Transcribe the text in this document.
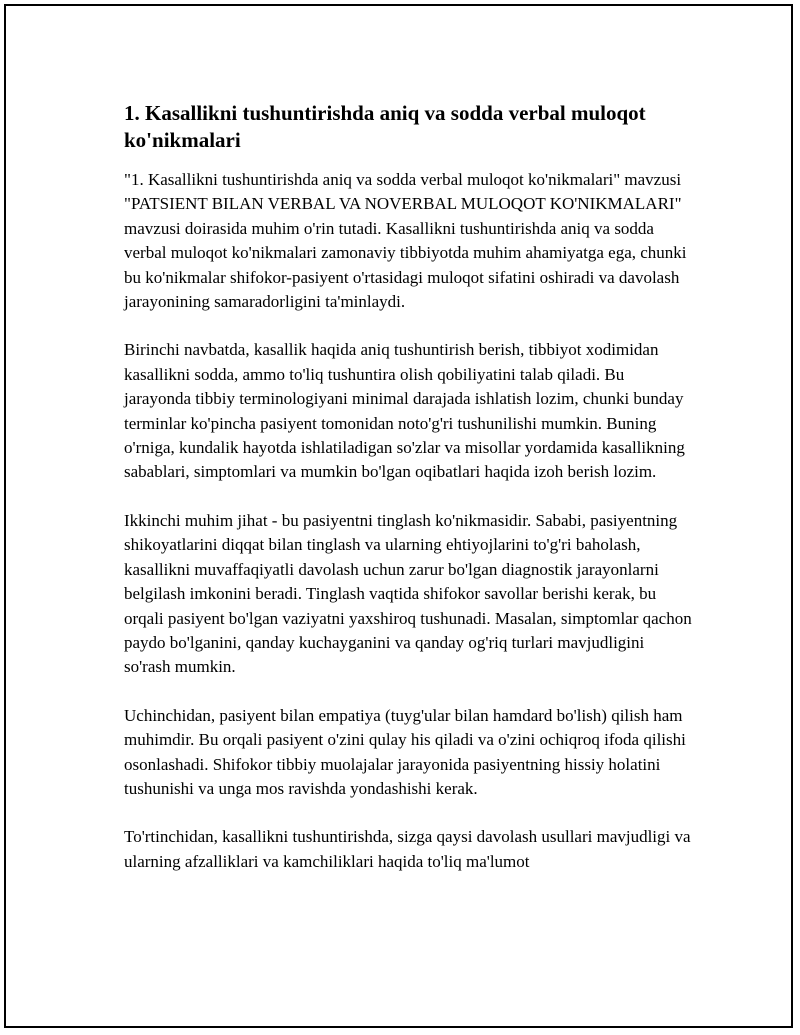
1. Kasallikni tushuntirishda aniq va sodda verbal muloqot ko'nikmalari

"1. Kasallikni tushuntirishda aniq va sodda verbal muloqot ko'nikmalari" mavzusi "PATSIENT BILAN VERBAL VA NOVERBAL MULOQOT KO'NIKMALARI" mavzusi doirasida muhim o'rin tutadi. Kasallikni tushuntirishda aniq va sodda verbal muloqot ko'nikmalari zamonaviy tibbiyotda muhim ahamiyatga ega, chunki bu ko'nikmalar shifokor-pasiyent o'rtasidagi muloqot sifatini oshiradi va davolash jarayonining samaradorligini ta'minlaydi.

Birinchi navbatda, kasallik haqida aniq tushuntirish berish, tibbiyot xodimidan kasallikni sodda, ammo to'liq tushuntira olish qobiliyatini talab qiladi. Bu jarayonda tibbiy terminologiyani minimal darajada ishlatish lozim, chunki bunday terminlar ko'pincha pasiyent tomonidan noto'g'ri tushunilishi mumkin. Buning o'rniga, kundalik hayotda ishlatiladigan so'zlar va misollar yordamida kasallikning sabablari, simptomlari va mumkin bo'lgan oqibatlari haqida izoh berish lozim.

Ikkinchi muhim jihat - bu pasiyentni tinglash ko'nikmasidir. Sababi, pasiyentning shikoyatlarini diqqat bilan tinglash va ularning ehtiyojlarini to'g'ri baholash, kasallikni muvaffaqiyatli davolash uchun zarur bo'lgan diagnostik jarayonlarni belgilash imkonini beradi. Tinglash vaqtida shifokor savollar berishi kerak, bu orqali pasiyent bo'lgan vaziyatni yaxshiroq tushunadi. Masalan, simptomlar qachon paydo bo'lganini, qanday kuchayganini va qanday og'riq turlari mavjudligini so'rash mumkin.

Uchinchidan, pasiyent bilan empatiya (tuyg'ular bilan hamdard bo'lish) qilish ham muhimdir. Bu orqali pasiyent o'zini qulay his qiladi va o'zini ochiqroq ifoda qilishi osonlashadi. Shifokor tibbiy muolajalar jarayonida pasiyentning hissiy holatini tushunishi va unga mos ravishda yondashishi kerak.

To'rtinchidan, kasallikni tushuntirishda, sizga qaysi davolash usullari mavjudligi va ularning afzalliklari va kamchiliklari haqida to'liq ma'lumot
